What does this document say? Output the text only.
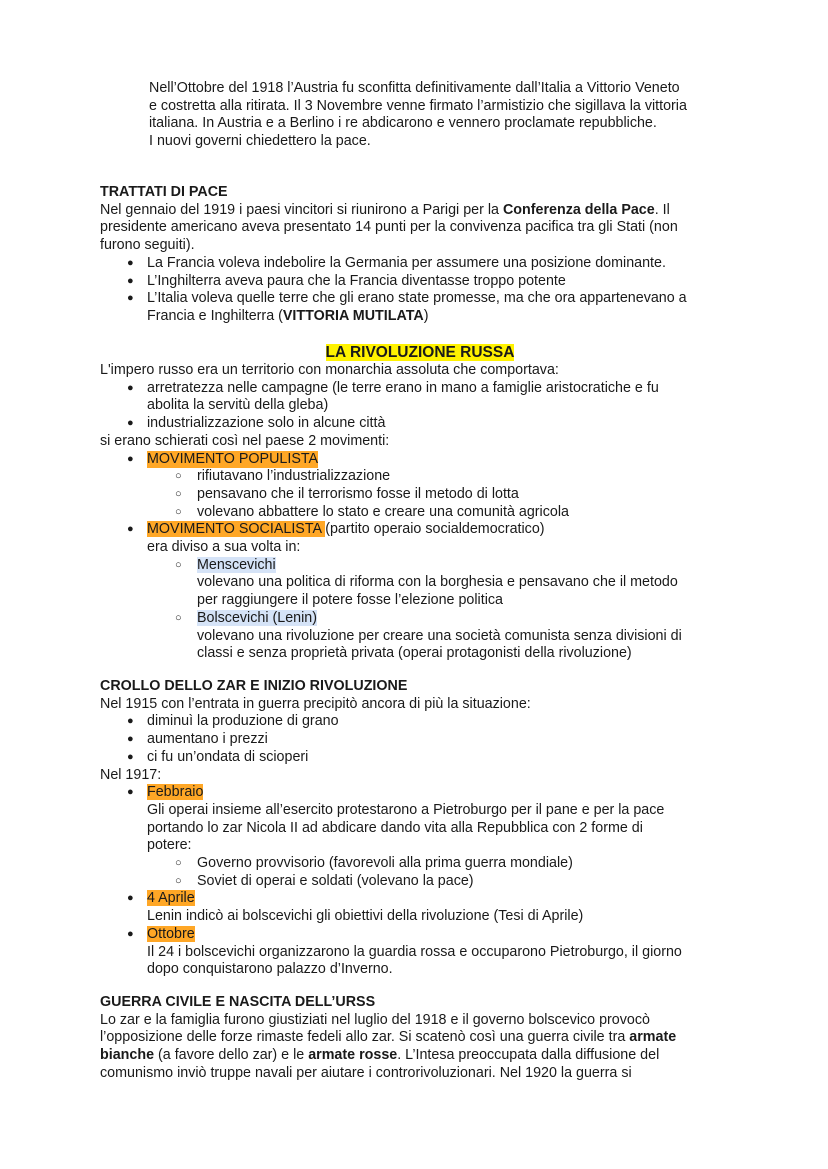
Nell’Ottobre del 1918 l’Austria fu sconfitta definitivamente dall’Italia a Vittorio Veneto
e costretta alla ritirata. Il 3 Novembre venne firmato l’armistizio che sigillava la vittoria
italiana. In Austria e a Berlino i re abdicarono e vennero proclamate repubbliche.
I nuovi governi chiedettero la pace.
TRATTATI DI PACE
Nel gennaio del 1919 i paesi vincitori si riunirono a Parigi per la Conferenza della Pace. Il
presidente americano aveva presentato 14 punti per la convivenza pacifica tra gli Stati (non
furono seguiti).
● La Francia voleva indebolire la Germania per assumere una posizione dominante.
● L’Inghilterra aveva paura che la Francia diventasse troppo potente
● L’Italia voleva quelle terre che gli erano state promesse, ma che ora appartenevano a
Francia e Inghilterra (VITTORIA MUTILATA)
LA RIVOLUZIONE RUSSA
L'impero russo era un territorio con monarchia assoluta che comportava:
● arretratezza nelle campagne (le terre erano in mano a famiglie aristocratiche e fu
abolita la servitù della gleba)
● industrializzazione solo in alcune città
si erano schierati così nel paese 2 movimenti:
● MOVIMENTO POPULISTA
○	rifiutavano l’industrializzazione
○	pensavano che il terrorismo fosse il metodo di lotta
○	volevano abbattere lo stato e creare una comunità agricola
● MOVIMENTO SOCIALISTA (partito operaio socialdemocratico)
era diviso a sua volta in:
○	Menscevichi
volevano una politica di riforma con la borghesia e pensavano che il metodo
per raggiungere il potere fosse l’elezione politica
○	Bolscevichi (Lenin)
volevano una rivoluzione per creare una società comunista senza divisioni di
classi e senza proprietà privata (operai protagonisti della rivoluzione)
CROLLO DELLO ZAR E INIZIO RIVOLUZIONE
Nel 1915 con l’entrata in guerra precipitò ancora di più la situazione:
● diminuì la produzione di grano
● aumentano i prezzi
● ci fu un’ondata di scioperi
Nel 1917:
● Febbraio
Gli operai insieme all’esercito protestarono a Pietroburgo per il pane e per la pace
portando lo zar Nicola II ad abdicare dando vita alla Repubblica con 2 forme di
potere:
○	Governo provvisorio (favorevoli alla prima guerra mondiale)
○	Soviet di operai e soldati (volevano la pace)
● 4 Aprile
Lenin indicò ai bolscevichi gli obiettivi della rivoluzione (Tesi di Aprile)
● Ottobre
Il 24 i bolscevichi organizzarono la guardia rossa e occuparono Pietroburgo, il giorno
dopo conquistarono palazzo d’Inverno.
GUERRA CIVILE E NASCITA DELL’URSS
Lo zar e la famiglia furono giustiziati nel luglio del 1918 e il governo bolscevico provocò
l’opposizione delle forze rimaste fedeli allo zar. Si scatenò così una guerra civile tra armate
bianche (a favore dello zar) e le armate rosse. L’Intesa preoccupata dalla diffusione del
comunismo inviò truppe navali per aiutare i controrivoluzionari. Nel 1920 la guerra si
